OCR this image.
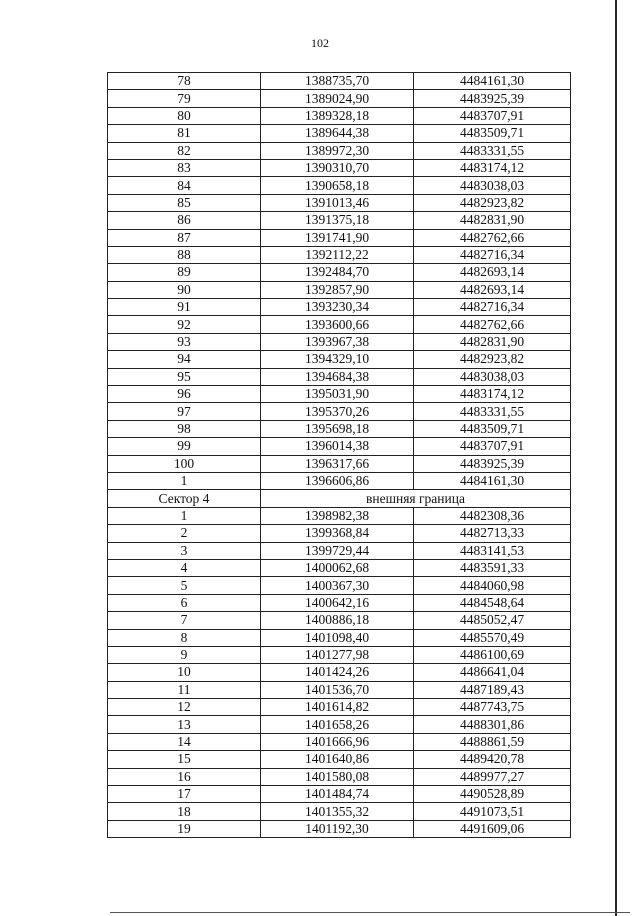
102
78	1388735,70	4484161,30
79	1389024,90	4483925,39
80	1389328,18	4483707,91
81	1389644,38	4483509,71
82	1389972,30	4483331,55
83	1390310,70	4483174,12
84	1390658,18	4483038,03
85	1391013,46	4482923,82
86	1391375,18	4482831,90
87	1391741,90	4482762,66
88	1392112,22	4482716,34
89	1392484,70	4482693,14
90	1392857,90	4482693,14
91	1393230,34	4482716,34
92	1393600,66	4482762,66
93	1393967,38	4482831,90
94	1394329,10	4482923,82
95	1394684,38	4483038,03
96	1395031,90	4483174,12
97	1395370,26	4483331,55
98	1395698,18	4483509,71
99	1396014,38	4483707,91
100	1396317,66	4483925,39
1	1396606,86	4484161,30
Сектор 4	внешняя граница	
1	1398982,38	4482308,36
2	1399368,84	4482713,33
3	1399729,44	4483141,53
4	1400062,68	4483591,33
5	1400367,30	4484060,98
6	1400642,16	4484548,64
7	1400886,18	4485052,47
8	1401098,40	4485570,49
9	1401277,98	4486100,69
10	1401424,26	4486641,04
11	1401536,70	4487189,43
12	1401614,82	4487743,75
13	1401658,26	4488301,86
14	1401666,96	4488861,59
15	1401640,86	4489420,78
16	1401580,08	4489977,27
17	1401484,74	4490528,89
18	1401355,32	4491073,51
19	1401192,30	4491609,06
